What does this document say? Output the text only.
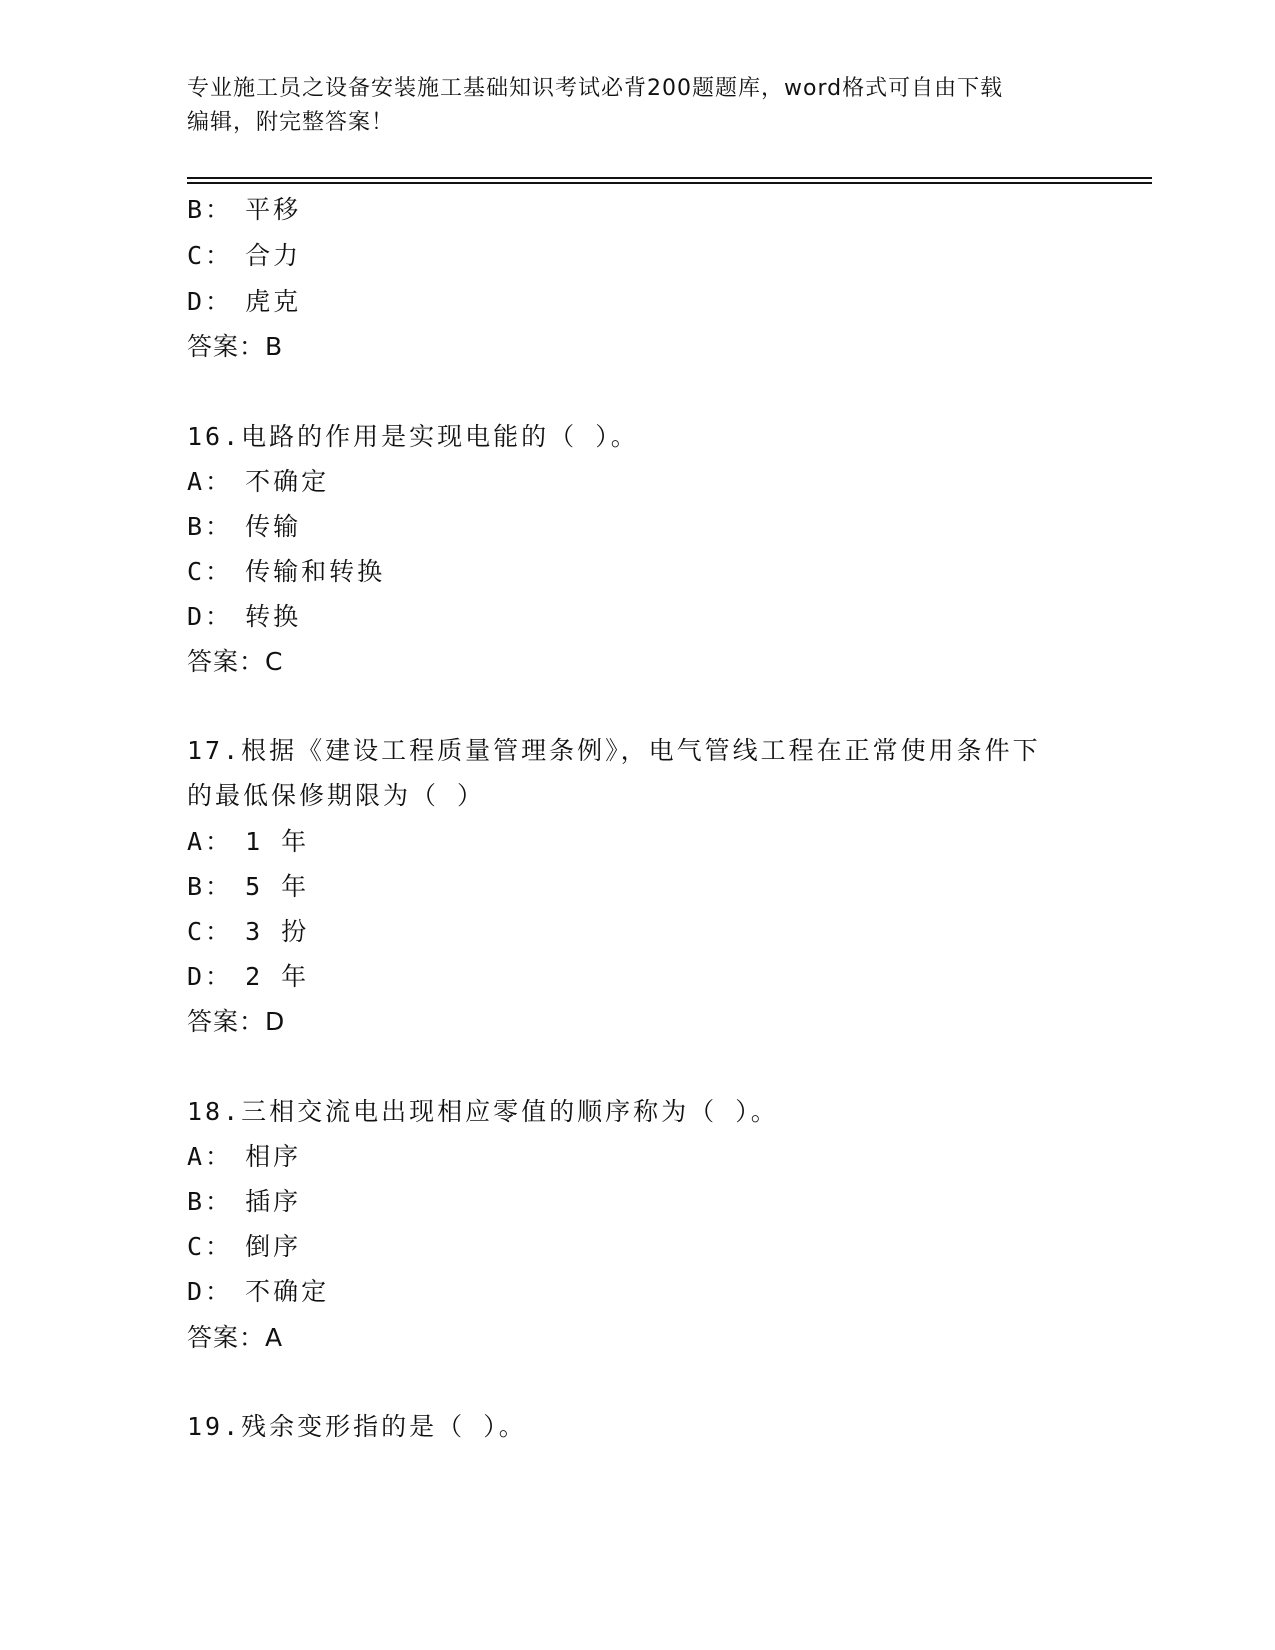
专业施工员之设备安装施工基础知识考试必背200题题库，word格式可自由下载
编辑，附完整答案！
B： 平移
C： 合力
D： 虎克
答案：B
16.电路的作用是实现电能的（ ）。
A： 不确定
B： 传输
C： 传输和转换
D： 转换
答案：C
17.根据《建设工程质量管理条例》，电气管线工程在正常使用条件下
的最低保修期限为（ ）
A： 1 年
B： 5 年
C： 3 扮
D： 2 年
答案：D
18.三相交流电出现相应零值的顺序称为（ ）。
A： 相序
B： 插序
C： 倒序
D： 不确定
答案：A
19.残余变形指的是（ ）。
